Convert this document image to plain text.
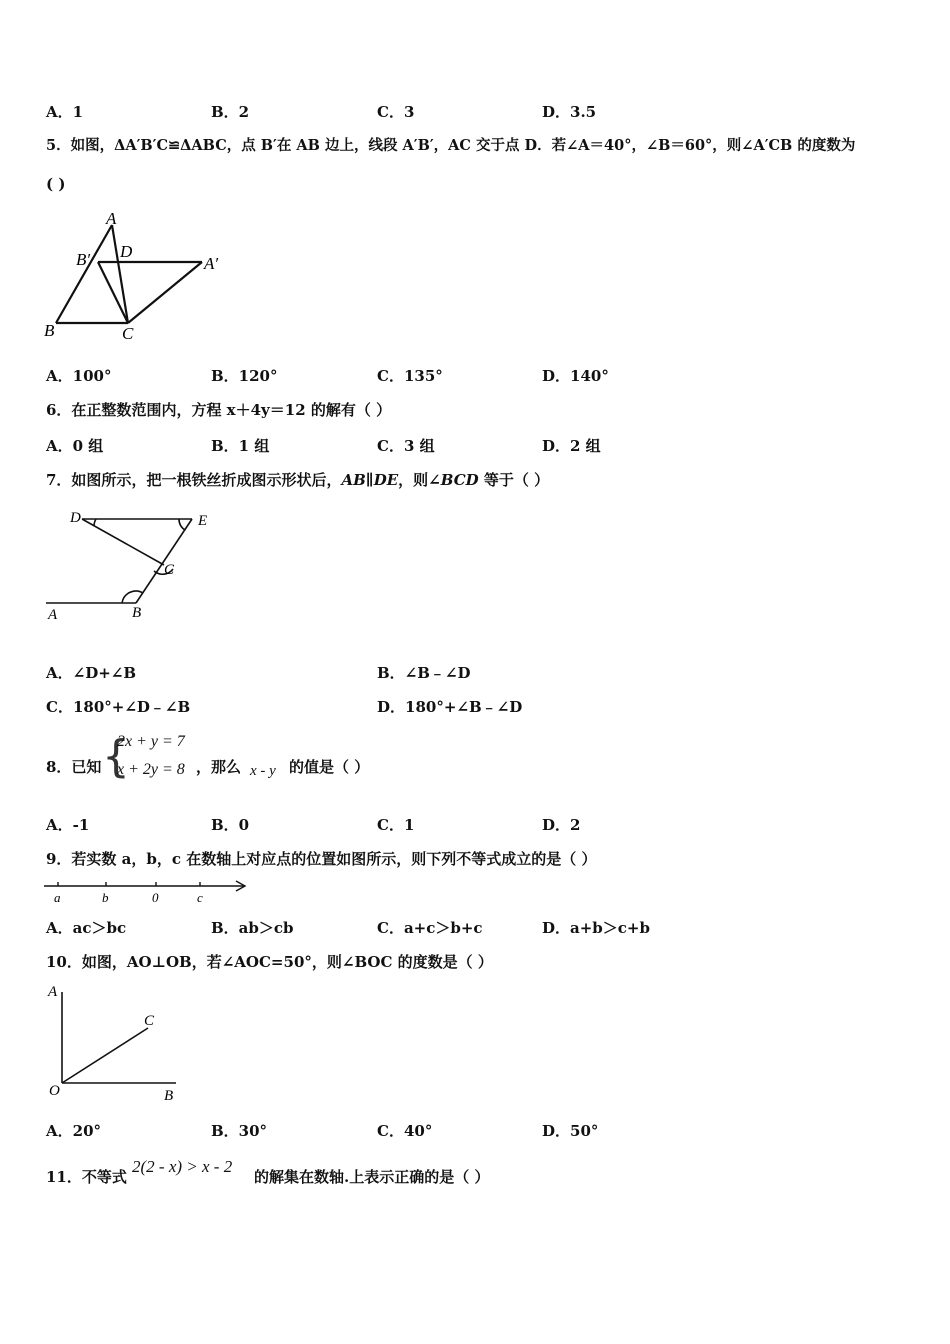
A．1	B．2	C．3	D．3.5
5．如图，ΔA′B′C≌ΔABC，点 B′在 AB 边上，线段 A′B′，AC 交于点 D．若∠A＝40°，∠B＝60°，则∠A′CB 的度数为
( )
A
B′ D
A′
B	C
A．100°	B．120°	C．135°	D．140°
6．在正整数范围内，方程 x＋4y＝12 的解有（ ）
A．0 组	B．1 组	C．3 组	D．2 组
7．如图所示，把一根铁丝折成图示形状后，AB∥DE，则∠BCD 等于（ ）
D	E
C
A	B
A．∠D+∠B	B．∠B﹣∠D
C．180°+∠D﹣∠B	D．180°+∠B﹣∠D
8．已知 {
2x + y = 7
x + 2y = 8 ，那么 x - y 的值是（ ）
A．-1	B．0	C．1	D．2
9．若实数 a，b，c 在数轴上对应点的位置如图所示，则下列不等式成立的是（ ）
a	b	0	c
A．ac＞bc	B．ab＞cb	C．a+c＞b+c	D．a+b＞c+b
10．如图，AO⊥OB，若∠AOC=50°，则∠BOC 的度数是（ ）
A
C
O	B
A．20°	B．30°	C．40°	D．50°
11．不等式
2(2 - x) > x - 2
的解集在数轴.上表示正确的是（ ）
